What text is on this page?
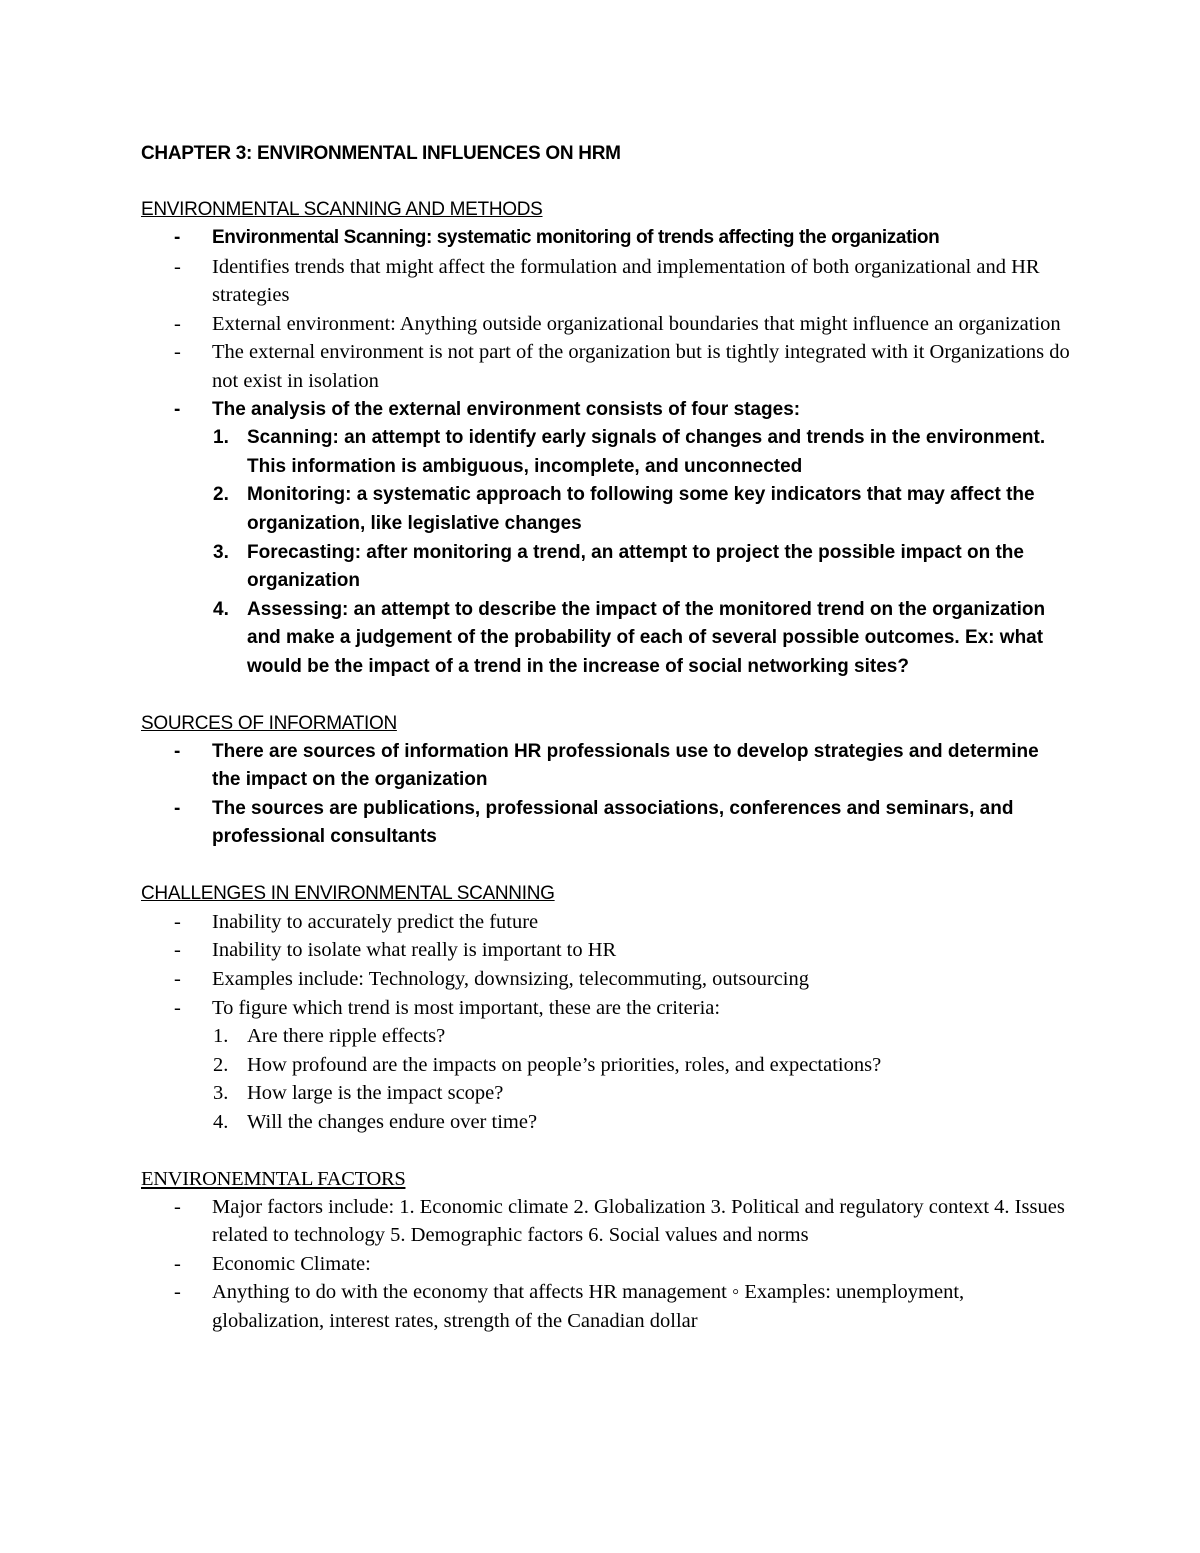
CHAPTER 3: ENVIRONMENTAL INFLUENCES ON HRM
ENVIRONMENTAL SCANNING AND METHODS
- Environmental Scanning: systematic monitoring of trends affecting the organization
- Identifies trends that might affect the formulation and implementation of both organizational and HR strategies
- External environment: Anything outside organizational boundaries that might influence an organization
- The external environment is not part of the organization but is tightly integrated with it Organizations do not exist in isolation
- The analysis of the external environment consists of four stages:
1. Scanning: an attempt to identify early signals of changes and trends in the environment. This information is ambiguous, incomplete, and unconnected
2. Monitoring: a systematic approach to following some key indicators that may affect the organization, like legislative changes
3. Forecasting: after monitoring a trend, an attempt to project the possible impact on the organization
4. Assessing: an attempt to describe the impact of the monitored trend on the organization and make a judgement of the probability of each of several possible outcomes. Ex: what would be the impact of a trend in the increase of social networking sites?
SOURCES OF INFORMATION
- There are sources of information HR professionals use to develop strategies and determine the impact on the organization
- The sources are publications, professional associations, conferences and seminars, and professional consultants
CHALLENGES IN ENVIRONMENTAL SCANNING
- Inability to accurately predict the future
- Inability to isolate what really is important to HR
- Examples include: Technology, downsizing, telecommuting, outsourcing
- To figure which trend is most important, these are the criteria:
1. Are there ripple effects?
2. How profound are the impacts on people’s priorities, roles, and expectations?
3. How large is the impact scope?
4. Will the changes endure over time?
ENVIRONEMNTAL FACTORS
- Major factors include: 1. Economic climate 2. Globalization 3. Political and regulatory context 4. Issues related to technology 5. Demographic factors 6. Social values and norms
- Economic Climate:
- Anything to do with the economy that affects HR management ◦ Examples: unemployment, globalization, interest rates, strength of the Canadian dollar
